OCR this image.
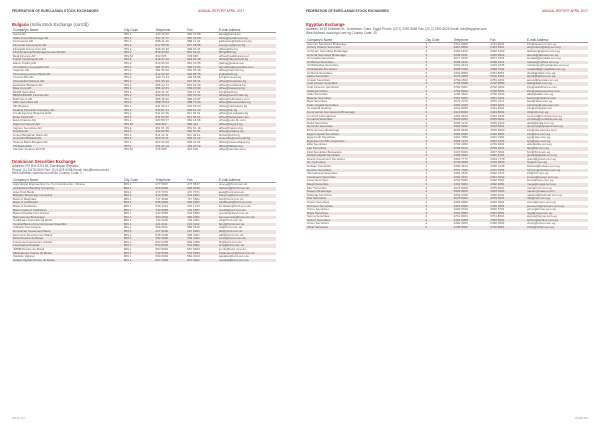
FEDERATION OF EURO-ASIAN STOCK EXCHANGES	ANNUAL REPORT APRIL 2017	FEDERATION OF EURO-ASIAN STOCK EXCHANGES	ANNUAL REPORT APRIL 2017
Bulgaria (Sofia Stock Exchange (cont'd))
Company's Name	City Code	Telephone	Fax	E-mail Address
Karoll AD	359 2	400 10 00	952 63 88	karoll@karoll.bg
Sofia Invest Brokerage AD	359 2	937 11 77	987 30 59	office@sofiainvest.bg
Ka Finance AD	359 2	988 11 20	988 11 21	kafinance@kafinance.bg
Financial House Ever AD	359 2	817 58 58	817 58 59	evergroup@ever.bg
Financial House Fico AD	359 2	906 30 30	906 30 31	office@fico.bg
First Financial Brokerage House EOOD	359 2	810 64 00	810 64 01	ffbh@ffbh.bg
Real Finance AD	359 52	603 825	603 830	office@realfinance.net
Fokus Investments AD	359 2	918 37 42	918 93 30	office@fokusinvest.bg
Elana Trading AD	359 2	810 00 00	810 00 95	trading@elana.net
UG Market Corporation AD	359 2	981 21 83	981 21 84	ugmarket@ugmarket.com
Capman AD	359 2	981 56 00	981 56 28	office@capman.bg
International Asset Bank AD	359 2	812 02 32	960 95 70	ip@iabank.bg
Investor.BG AD	359 2	400 74 44	440 86 86	info@investor.bg
Intercapital Markets AD	359 2	921 05 10	921 05 41	office@icmarkets.bg
Eurobank Bulgaria AD	359 2	986 14 77	816 62 29	office@postbank.bg
Beta Corp AD	359 2	981 02 61	981 23 99	office@betacorp.bg
BACB Securities	359 2	930 11 22	930 11 23	info@bacb.bg
BENCHMARK Finance AD	359 2	962 05 64	962 05 63	office@benchmark.bg
Bulbrokers AD	359 2	986 15 40	986 20 87	office@bulbrokers.com
KBC Securities AD	359 2	988 75 53	988 75 60	office@kbcsecurities.bg
MK Brokers	359 2	931 56 21	931 56 20	office@mkbrokers.bg
Dealing Financial Company AD	359 2	930 81 21	930 81 22	office@dfc.bg
Credit Agricole Bulgaria EAD	359 2	811 04 30	811 04 31	office@ca-bulgaria.bg
Delta Stock AD	359 2	811 50 00	811 50 10	office@deltastock.com
Euro-Finance AD	359 2	980 56 57	981 14 96	office@euro-fin.com
Zagora Finacorp AD	359 42	600 420	600 421	office@zagora.bg
Ingcom Securities AD	359 2	951 51 15	951 51 16	office@ingcom.bg
Positiva AD	359 2	960 50 50	960 50 51	office@positiva.bg
United Bulgarian Bank AD	359 2	811 22 11	811 22 12	broker@ubb.bg
Unicredit Bulbank AD	359 2	923 26 11	923 26 12	securities@unicredit.bg
Piraeus Bank Bulgaria AD	359 2	800 42 00	800 42 01	office@piraeusbank.bg
Tbi Bank EAD	359 2	401 01 19	401 01 20	office@tbibank.bg
Varchev Finance EOOD	359 52	615 505	615 506	office@varchev.com
Dominican Securities Exchange
Address: PO Box 4-93-94, Dominican Republic
Phone: (1) 5 678 0000 Fax: (1) 5 678 0008 Email: info@bvrd.com.do
Web Address: www.bvrd.com.do Country Code: 1
Company's Name	City Code	Telephone	Fax	E-mail Address
Agricultural Engineering Co. For Investments - Nineva	809 1	277 6667	277 6677	nineva@bvrd.com.do
Al-Rasheed Banking Company	809 1	200 5000	200 5100	rasheed@bvrd.com.do
Asia Trust Bank	809 1	470 7070	470 7071	asia@bvrd.com.do
Babylon Brokerage Company	809 1	534 0250	534 0251	babylon@bvrd.com.do
Bank of Baghdad	809 1	717 3500	717 3501	bob@bvrd.com.do
Bank of Caribbean	809 1	566 9000	566 9001	caribbean@bvrd.com.do
Bank of Kurdistan	809 1	230 1212	230 1213	kurdistan@bvrd.com.do
Bank Credit of Caribbean	809 1	719 6666	719 6667	credit@bvrd.com.do
Banco Popular Dominicano	809 1	544 5555	544 5556	popular@bvrd.com.do
Banreservas Brokerage	809 1	960 2000	960 2001	banreservas@bvrd.com.do
Caribbean International Bank	809 1	734 3200	734 3201	cib@bvrd.com.do
Central Bank of the Dominican Republic	809 1	221 9111	221 9112	bcrd@bvrd.com.do
Citibank Dominicana	809 1	566 5611	566 5612	citi@bvrd.com.do
Dominican Investment Bank	809 1	227 9000	227 9001	dib@bvrd.com.do
Economic Development Bank	809 1	535 3300	535 3301	edb@bvrd.com.do
Excel Puesto de Bolsa	809 1	262 4000	262 4001	excel@bvrd.com.do
Fondo de Inversiones Unidas	809 1	563 2255	563 2256	fiu@bvrd.com.do
Inversiones Popular	809 1	544 8000	544 8001	ipop@bvrd.com.do
JMMB Puesto de Bolsa	809 1	567 5662	567 5663	jmmb@bvrd.com.do
Multivalores Puesto de Bolsa	809 1	542 8393	542 8394	multivalores@bvrd.com.do
Parallax Valores	809 1	560 0909	560 0910	parallax@bvrd.com.do
United Capital Puesto de Bolsa	809 1	807 2000	807 2001	ucapital@bvrd.com.do
Egyptian Exchange
Address: 4A El Sherifein St., Downtown, Cairo, Egypt Phone: (20 2) 2392 8698 Fax: (20 2) 2392 8526 Email: info@egyptse.com
Web Address: www.egx.com.eg Country Code: 20
Company's Name	City Code	Telephone	Fax	E-mail Address
Acumen Securities Brokerage	2	3761 5000	3761 5001	info@acumen.com.eg
Al Ahly Pharos Securities	2	2461 9300	2461 9301	ahlypharos@ahly.com.eg
Al Ahram Securities Brokerage	2	2392 5152	2392 5153	alahram@ahram.com.eg
Al Amal Securities Brokerage	2	2346 0011	2346 0012	alamal@alamal.com.eg
Al Ismailia Securities	2	2577 0700	2577 0701	ismailia@ismailia.com.eg
Al Marwa Securities	2	3338 1610	3338 1611	marwa@marwa.com.eg
Al Mohandes Securities	2	2403 3444	2403 3445	mohandes@mohandes.com.eg
Al Motahida Securities	2	2390 7000	2390 7001	motahida@motahida.com.eg
Al Shark Securities	2	2391 8050	2391 8051	shark@shark.com.eg
Alpha Securities	2	2576 4300	2576 4301	alpha@alpha.com.eg
Amwal Securities	2	3760 1800	3760 1801	amwal@amwal.com.eg
Arab African Securities	2	2792 2888	2792 2889	aaib@aaib.com.eg
Arab Finance Securities	2	2792 0001	2792 0002	info@arabfinance.com
Arabeya Online	2	3762 5000	3762 5001	info@arabeyaonline.com
Atlas Securities	2	2796 1622	2796 1623	atlas@atlas.com.eg
Beltone Securities	2	2461 6300	2461 6301	beltone@beltone.com
Beta Securities	2	2576 7070	2576 7071	beta@beta.com.eg
Cairo Capital Securities	2	2393 2020	2393 2021	cairocap@cairocap.com
CI Capital Holding	2	3331 8200	3331 8201	info@cicapital.com
Commercial International Brokerage	2	3331 8000	3331 8001	cib@cib.com.eg
Concord International	2	2462 3433	2462 3434	concord@concord.com.eg
Cordoba Securities	2	2525 0000	2525 0001	cordoba@cordoba.com.eg
Delta Securities	2	3336 1212	3336 1213	delta@delta.com.eg
Dynamic Securities	2	2393 6060	2393 6061	dynamic@dynamic.com.eg
EFG Hermes Brokerage	2	3535 6499	3535 6500	info@efg-hermes.com
Egypt Capital Securities	2	2390 9060	2390 9061	ecs@ecs.com.eg
Egypt Gulf Securities	2	2391 7990	2391 7991	egs@egs.com.eg
Egyptian Portfolio Securities	2	2304 1313	2304 1314	eps@eps.com.eg
Elite Securities	2	2749 4000	2749 4001	elite@elite.com.eg
Fair Securities	2	2795 0070	2795 0071	fair@fair.com.eg
First Securities Brokerage	2	3337 5000	3337 5001	first@first.com.eg
Global Capital Securities	2	2395 4000	2395 4001	global@global.com.eg
Grand Investment Securities	2	2393 7777	2393 7778	grand@grand.com.eg
HC Securities	2	3749 6008	3749 6009	hc@hc.com.eg
Helwan Securities	2	2390 4444	2390 4445	helwan@helwan.com.eg
Horizon Securities	2	2797 7000	2797 7001	horizon@horizon.com.eg
International Securities	2	2392 1515	2392 1516	intl@intl.com.eg
Investment Securities	2	2391 0101	2391 0102	invsec@invsec.com.eg
Lotus Securities	2	3760 5050	3760 5051	lotus@lotus.com.eg
Mega Securities	2	2392 6060	2392 6061	mega@mega.com.eg
Misr Securities	2	2575 5000	2575 5001	misr@misr.com.eg
Naeem Brokerage	2	3303 0405	3303 0406	naeem@naeem.com
National Securities	2	2392 4040	2392 4041	national@national.com.eg
Nile Securities	2	2579 0000	2579 0001	nile@nile.com.eg
Orient Securities	2	2393 9090	2393 9091	orient@orient.com.eg
Pioneers Securities	2	2415 6000	2415 6001	pioneers@pioneers.com.eg
Prime Securities	2	3300 5700	3300 5701	prime@prime.com.eg
Raya Securities	2	2391 8080	2391 8081	raya@raya.com.eg
Sigma Securities	2	3761 8000	3761 8001	sigma@sigma.com.eg
Sphinx Securities	2	2393 5050	2393 5051	sphinx@sphinx.com.eg
Union Securities	2	2392 0303	2392 0304	union@union.com.eg
Zilzal Securities	2	2795 8080	2795 8081	zilzal@zilzal.com.eg
PAGE 112	PAGE 113
